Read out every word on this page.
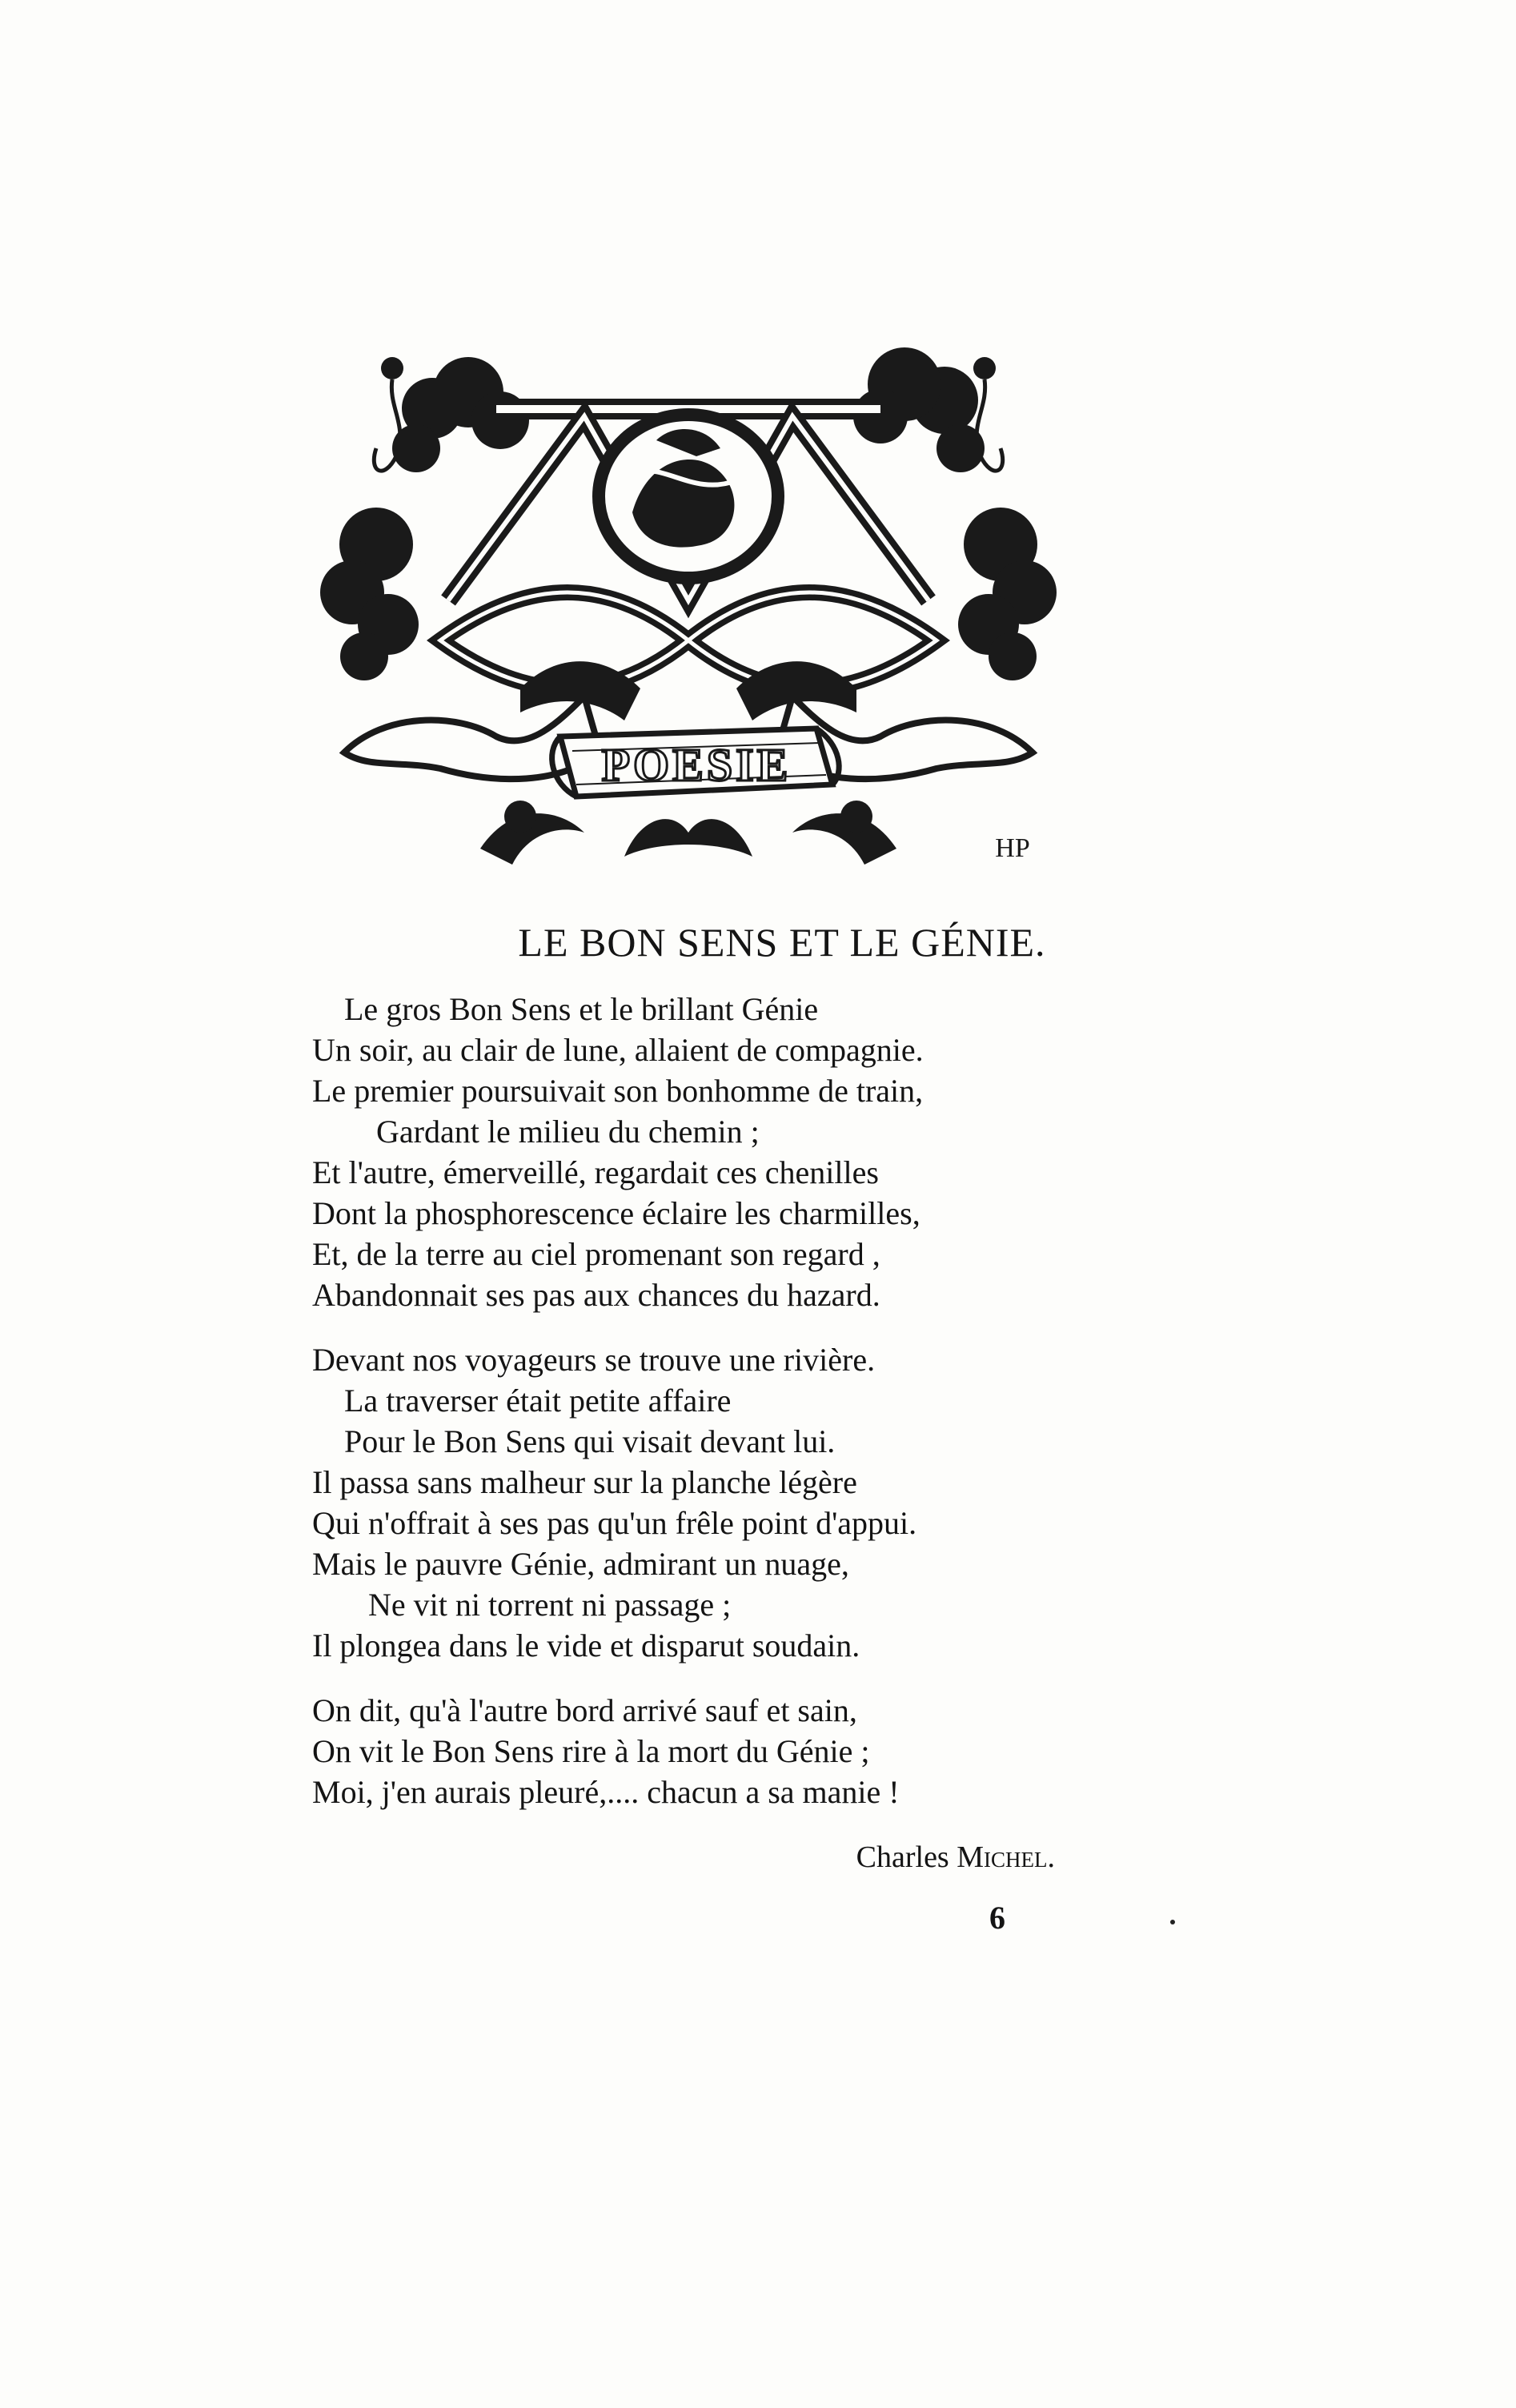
POESIE
HP
LE BON SENS ET LE GÉNIE.
Le gros Bon Sens et le brillant Génie
Un soir, au clair de lune, allaient de compagnie.
Le premier poursuivait son bonhomme de train,
Gardant le milieu du chemin ;
Et l'autre, émerveillé, regardait ces chenilles
Dont la phosphorescence éclaire les charmilles,
Et, de la terre au ciel promenant son regard ,
Abandonnait ses pas aux chances du hazard.
Devant nos voyageurs se trouve une rivière.
La traverser était petite affaire
Pour le Bon Sens qui visait devant lui.
Il passa sans malheur sur la planche légère
Qui n'offrait à ses pas qu'un frêle point d'appui.
Mais le pauvre Génie, admirant un nuage,
Ne vit ni torrent ni passage ;
Il plongea dans le vide et disparut soudain.
On dit, qu'à l'autre bord arrivé sauf et sain,
On vit le Bon Sens rire à la mort du Génie ;
Moi, j'en aurais pleuré,.... chacun a sa manie !
Charles Michel.
6
